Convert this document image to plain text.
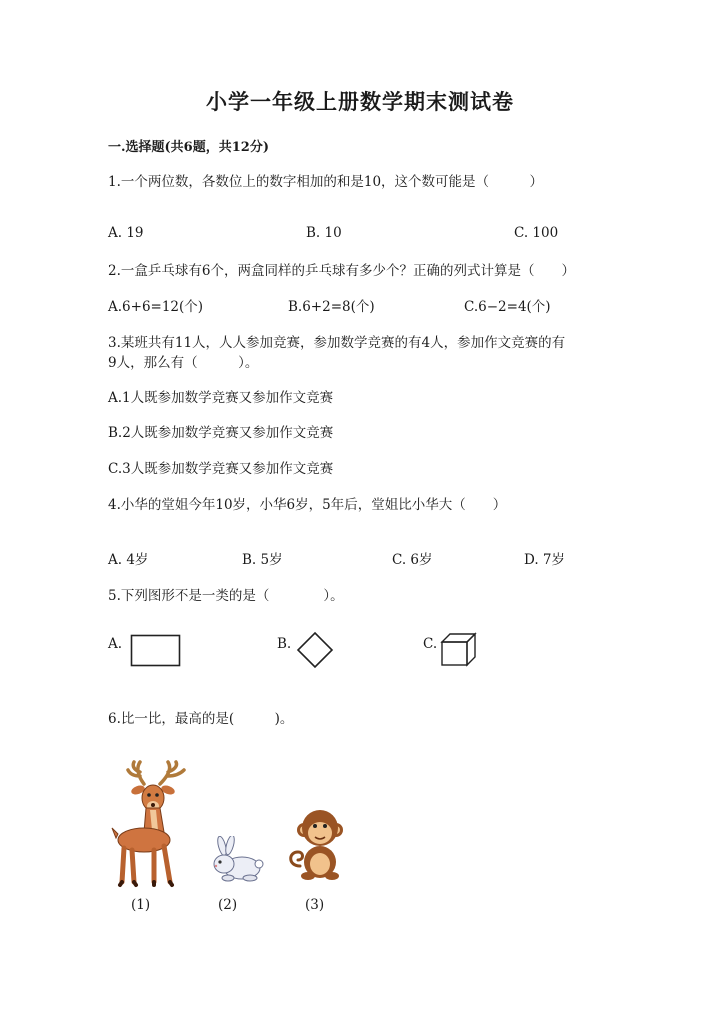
小学一年级上册数学期末测试卷
一.选择题(共6题，共12分)
1.一个两位数，各数位上的数字相加的和是10，这个数可能是（　　　）
A. 19	B. 10	C. 100
2.一盒乒乓球有6个，两盒同样的乒乓球有多少个？正确的列式计算是（　　）
A.6+6=12(个)	B.6+2=8(个)	C.6−2=4(个)
3.某班共有11人，人人参加竞赛，参加数学竞赛的有4人，参加作文竞赛的有
9人，那么有（　　　）。
A.1人既参加数学竞赛又参加作文竞赛
B.2人既参加数学竞赛又参加作文竞赛
C.3人既参加数学竞赛又参加作文竞赛
4.小华的堂姐今年10岁，小华6岁，5年后，堂姐比小华大（　　）
A. 4岁	B. 5岁	C. 6岁	D. 7岁
5.下列图形不是一类的是（　　　　）。
A.	B.	C.
6.比一比，最高的是(　　　)。
(1)	(2)	(3)
